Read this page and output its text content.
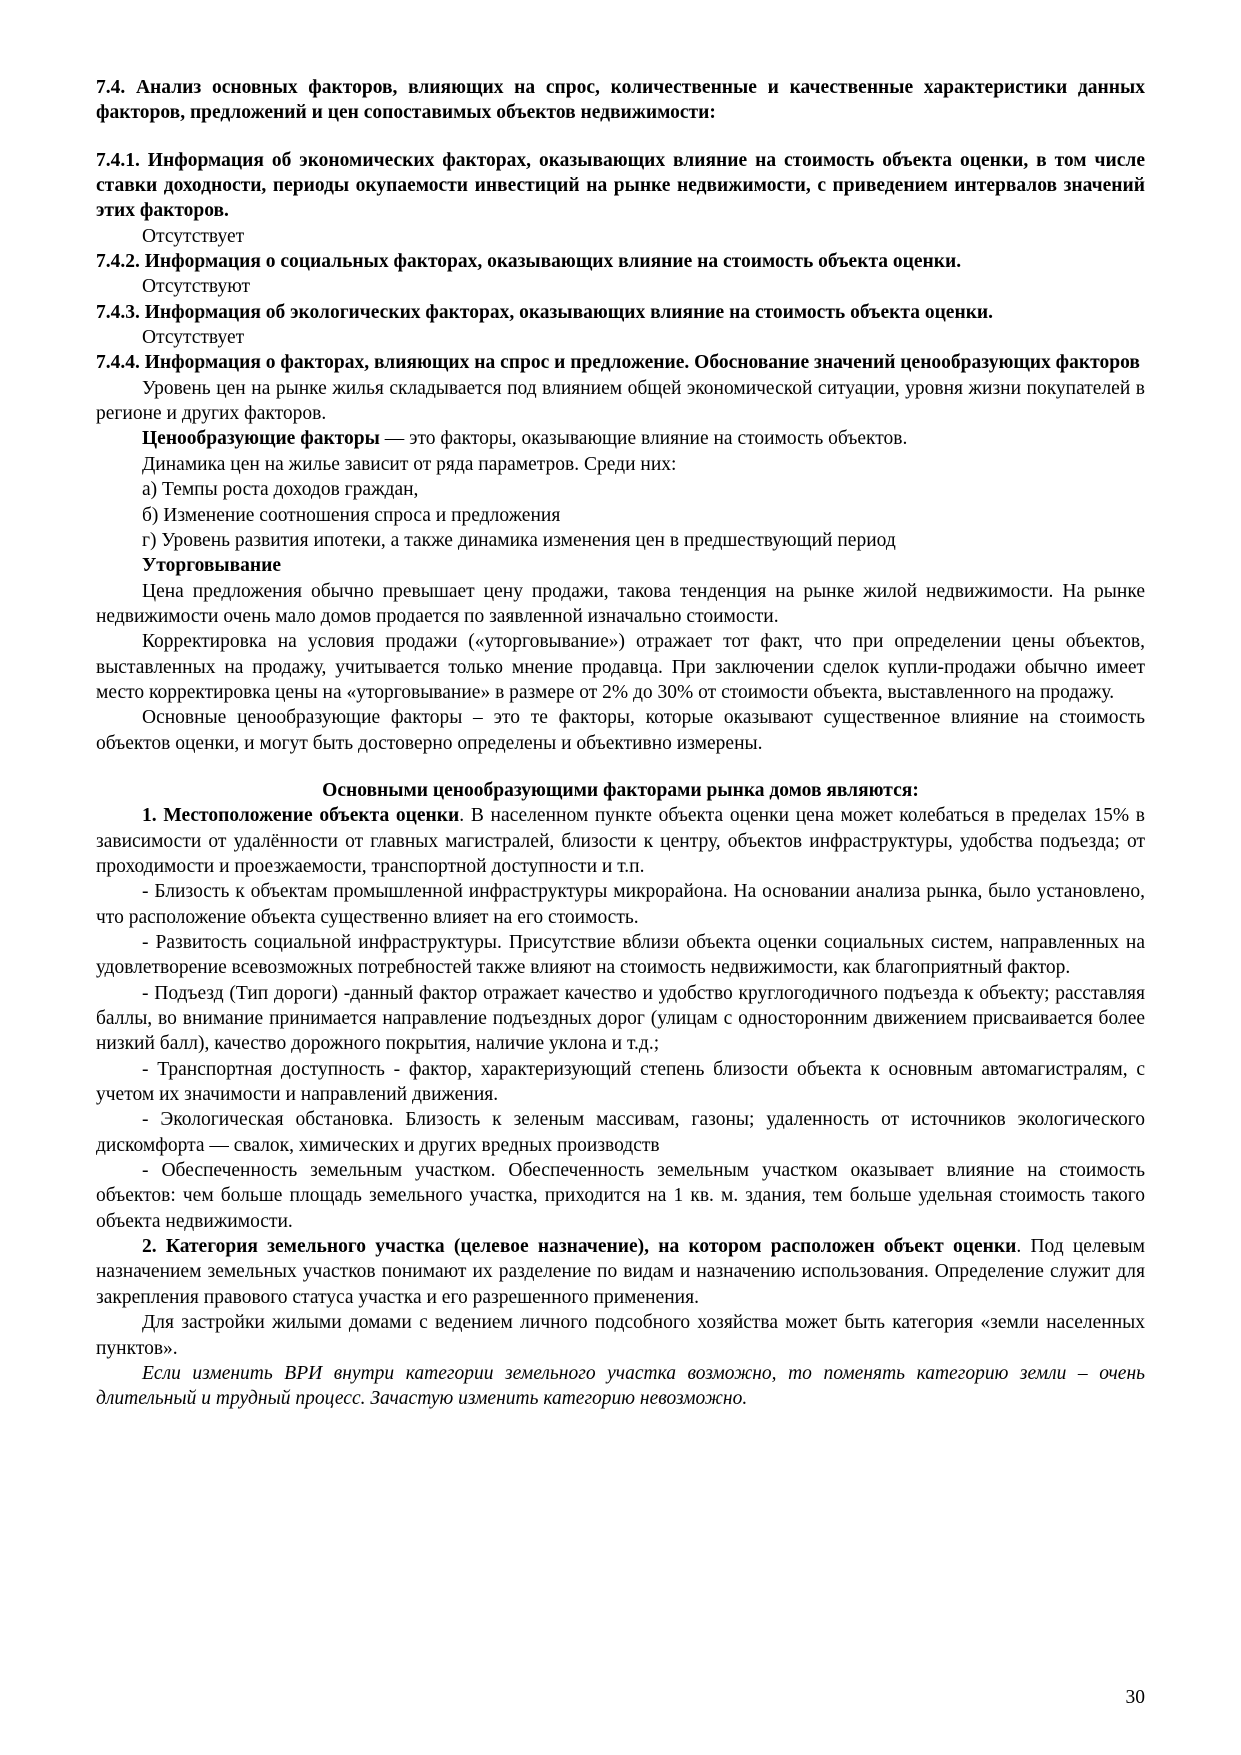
7.4. Анализ основных факторов, влияющих на спрос, количественные и качественные характеристики данных факторов, предложений и цен сопоставимых объектов недвижимости:

7.4.1. Информация об экономических факторах, оказывающих влияние на стоимость объекта оценки, в том числе ставки доходности, периоды окупаемости инвестиций на рынке недвижимости, с приведением интервалов значений этих факторов.

Отсутствует

7.4.2. Информация о социальных факторах, оказывающих влияние на стоимость объекта оценки.

Отсутствуют

7.4.3. Информация об экологических факторах, оказывающих влияние на стоимость объекта оценки.

Отсутствует

7.4.4. Информация о факторах, влияющих на спрос и предложение. Обоснование значений ценообразующих факторов

Уровень цен на рынке жилья складывается под влиянием общей экономической ситуации, уровня жизни покупателей в регионе и других факторов.

Ценообразующие факторы — это факторы, оказывающие влияние на стоимость объектов.

Динамика цен на жилье зависит от ряда параметров. Среди них:

а) Темпы роста доходов граждан,

б) Изменение соотношения спроса и предложения

г) Уровень развития ипотеки, а также динамика изменения цен в предшествующий период

Уторговывание

Цена предложения обычно превышает цену продажи, такова тенденция на рынке жилой недвижимости. На рынке недвижимости очень мало домов продается по заявленной изначально стоимости.

Корректировка на условия продажи («уторговывание») отражает тот факт, что при определении цены объектов, выставленных на продажу, учитывается только мнение продавца. При заключении сделок купли-продажи обычно имеет место корректировка цены на «уторговывание» в размере от 2% до 30% от стоимости объекта, выставленного на продажу.

Основные ценообразующие факторы – это те факторы, которые оказывают существенное влияние на стоимость объектов оценки, и могут быть достоверно определены и объективно измерены.

Основными ценообразующими факторами рынка домов являются:

1. Местоположение объекта оценки. В населенном пункте объекта оценки цена может колебаться в пределах 15% в зависимости от удалённости от главных магистралей, близости к центру, объектов инфраструктуры, удобства подъезда; от проходимости и проезжаемости, транспортной доступности и т.п.

- Близость к объектам промышленной инфраструктуры микрорайона. На основании анализа рынка, было установлено, что расположение объекта существенно влияет на его стоимость.

- Развитость социальной инфраструктуры. Присутствие вблизи объекта оценки социальных систем, направленных на удовлетворение всевозможных потребностей также влияют на стоимость недвижимости, как благоприятный фактор.

- Подъезд (Тип дороги) -данный фактор отражает качество и удобство круглогодичного подъезда к объекту; расставляя баллы, во внимание принимается направление подъездных дорог (улицам с односторонним движением присваивается более низкий балл), качество дорожного покрытия, наличие уклона и т.д.;

- Транспортная доступность - фактор, характеризующий степень близости объекта к основным автомагистралям, с учетом их значимости и направлений движения.

- Экологическая обстановка. Близость к зеленым массивам, газоны; удаленность от источников экологического дискомфорта — свалок, химических и других вредных производств

- Обеспеченность земельным участком. Обеспеченность земельным участком оказывает влияние на стоимость объектов: чем больше площадь земельного участка, приходится на 1 кв. м. здания, тем больше удельная стоимость такого объекта недвижимости.

2. Категория земельного участка (целевое назначение), на котором расположен объект оценки. Под целевым назначением земельных участков понимают их разделение по видам и назначению использования. Определение служит для закрепления правового статуса участка и его разрешенного применения.

Для застройки жилыми домами с ведением личного подсобного хозяйства может быть категория «земли населенных пунктов».

Если изменить ВРИ внутри категории земельного участка возможно, то поменять категорию земли – очень длительный и трудный процесс. Зачастую изменить категорию невозможно.

30
